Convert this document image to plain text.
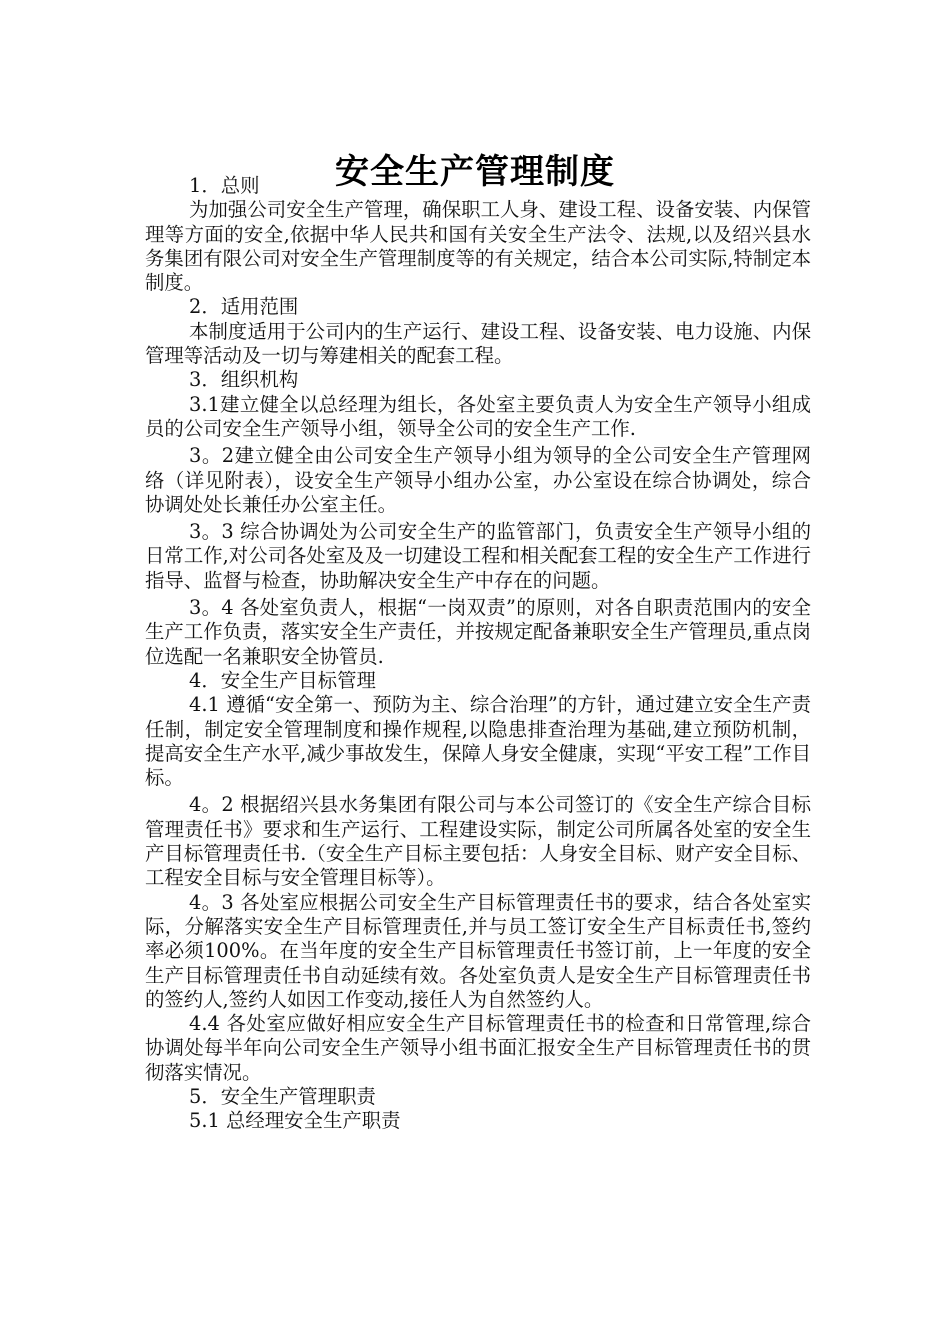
安全生产管理制度

1．总则

为加强公司安全生产管理，确保职工人身、建设工程、设备安装、内保管理等方面的安全,依据中华人民共和国有关安全生产法令、法规,以及绍兴县水务集团有限公司对安全生产管理制度等的有关规定，结合本公司实际,特制定本制度。

2．适用范围

本制度适用于公司内的生产运行、建设工程、设备安装、电力设施、内保管理等活动及一切与筹建相关的配套工程。

3．组织机构

3.1建立健全以总经理为组长，各处室主要负责人为安全生产领导小组成员的公司安全生产领导小组，领导全公司的安全生产工作.

3。2建立健全由公司安全生产领导小组为领导的全公司安全生产管理网络（详见附表），设安全生产领导小组办公室，办公室设在综合协调处，综合协调处处长兼任办公室主任。

3。3 综合协调处为公司安全生产的监管部门，负责安全生产领导小组的日常工作,对公司各处室及及一切建设工程和相关配套工程的安全生产工作进行指导、监督与检查，协助解决安全生产中存在的问题。

3。4 各处室负责人，根据“一岗双责”的原则，对各自职责范围内的安全生产工作负责，落实安全生产责任，并按规定配备兼职安全生产管理员,重点岗位选配一名兼职安全协管员.

4．安全生产目标管理

4.1 遵循“安全第一、预防为主、综合治理”的方针，通过建立安全生产责任制，制定安全管理制度和操作规程,以隐患排查治理为基础,建立预防机制，提高安全生产水平,减少事故发生，保障人身安全健康，实现“平安工程”工作目标。

4。2 根据绍兴县水务集团有限公司与本公司签订的《安全生产综合目标管理责任书》要求和生产运行、工程建设实际，制定公司所属各处室的安全生产目标管理责任书.（安全生产目标主要包括：人身安全目标、财产安全目标、工程安全目标与安全管理目标等）。

4。3 各处室应根据公司安全生产目标管理责任书的要求，结合各处室实际，分解落实安全生产目标管理责任,并与员工签订安全生产目标责任书,签约率必须100%。在当年度的安全生产目标管理责任书签订前，上一年度的安全生产目标管理责任书自动延续有效。各处室负责人是安全生产目标管理责任书的签约人,签约人如因工作变动,接任人为自然签约人。

4.4 各处室应做好相应安全生产目标管理责任书的检查和日常管理,综合协调处每半年向公司安全生产领导小组书面汇报安全生产目标管理责任书的贯彻落实情况。

5．安全生产管理职责

5.1 总经理安全生产职责
